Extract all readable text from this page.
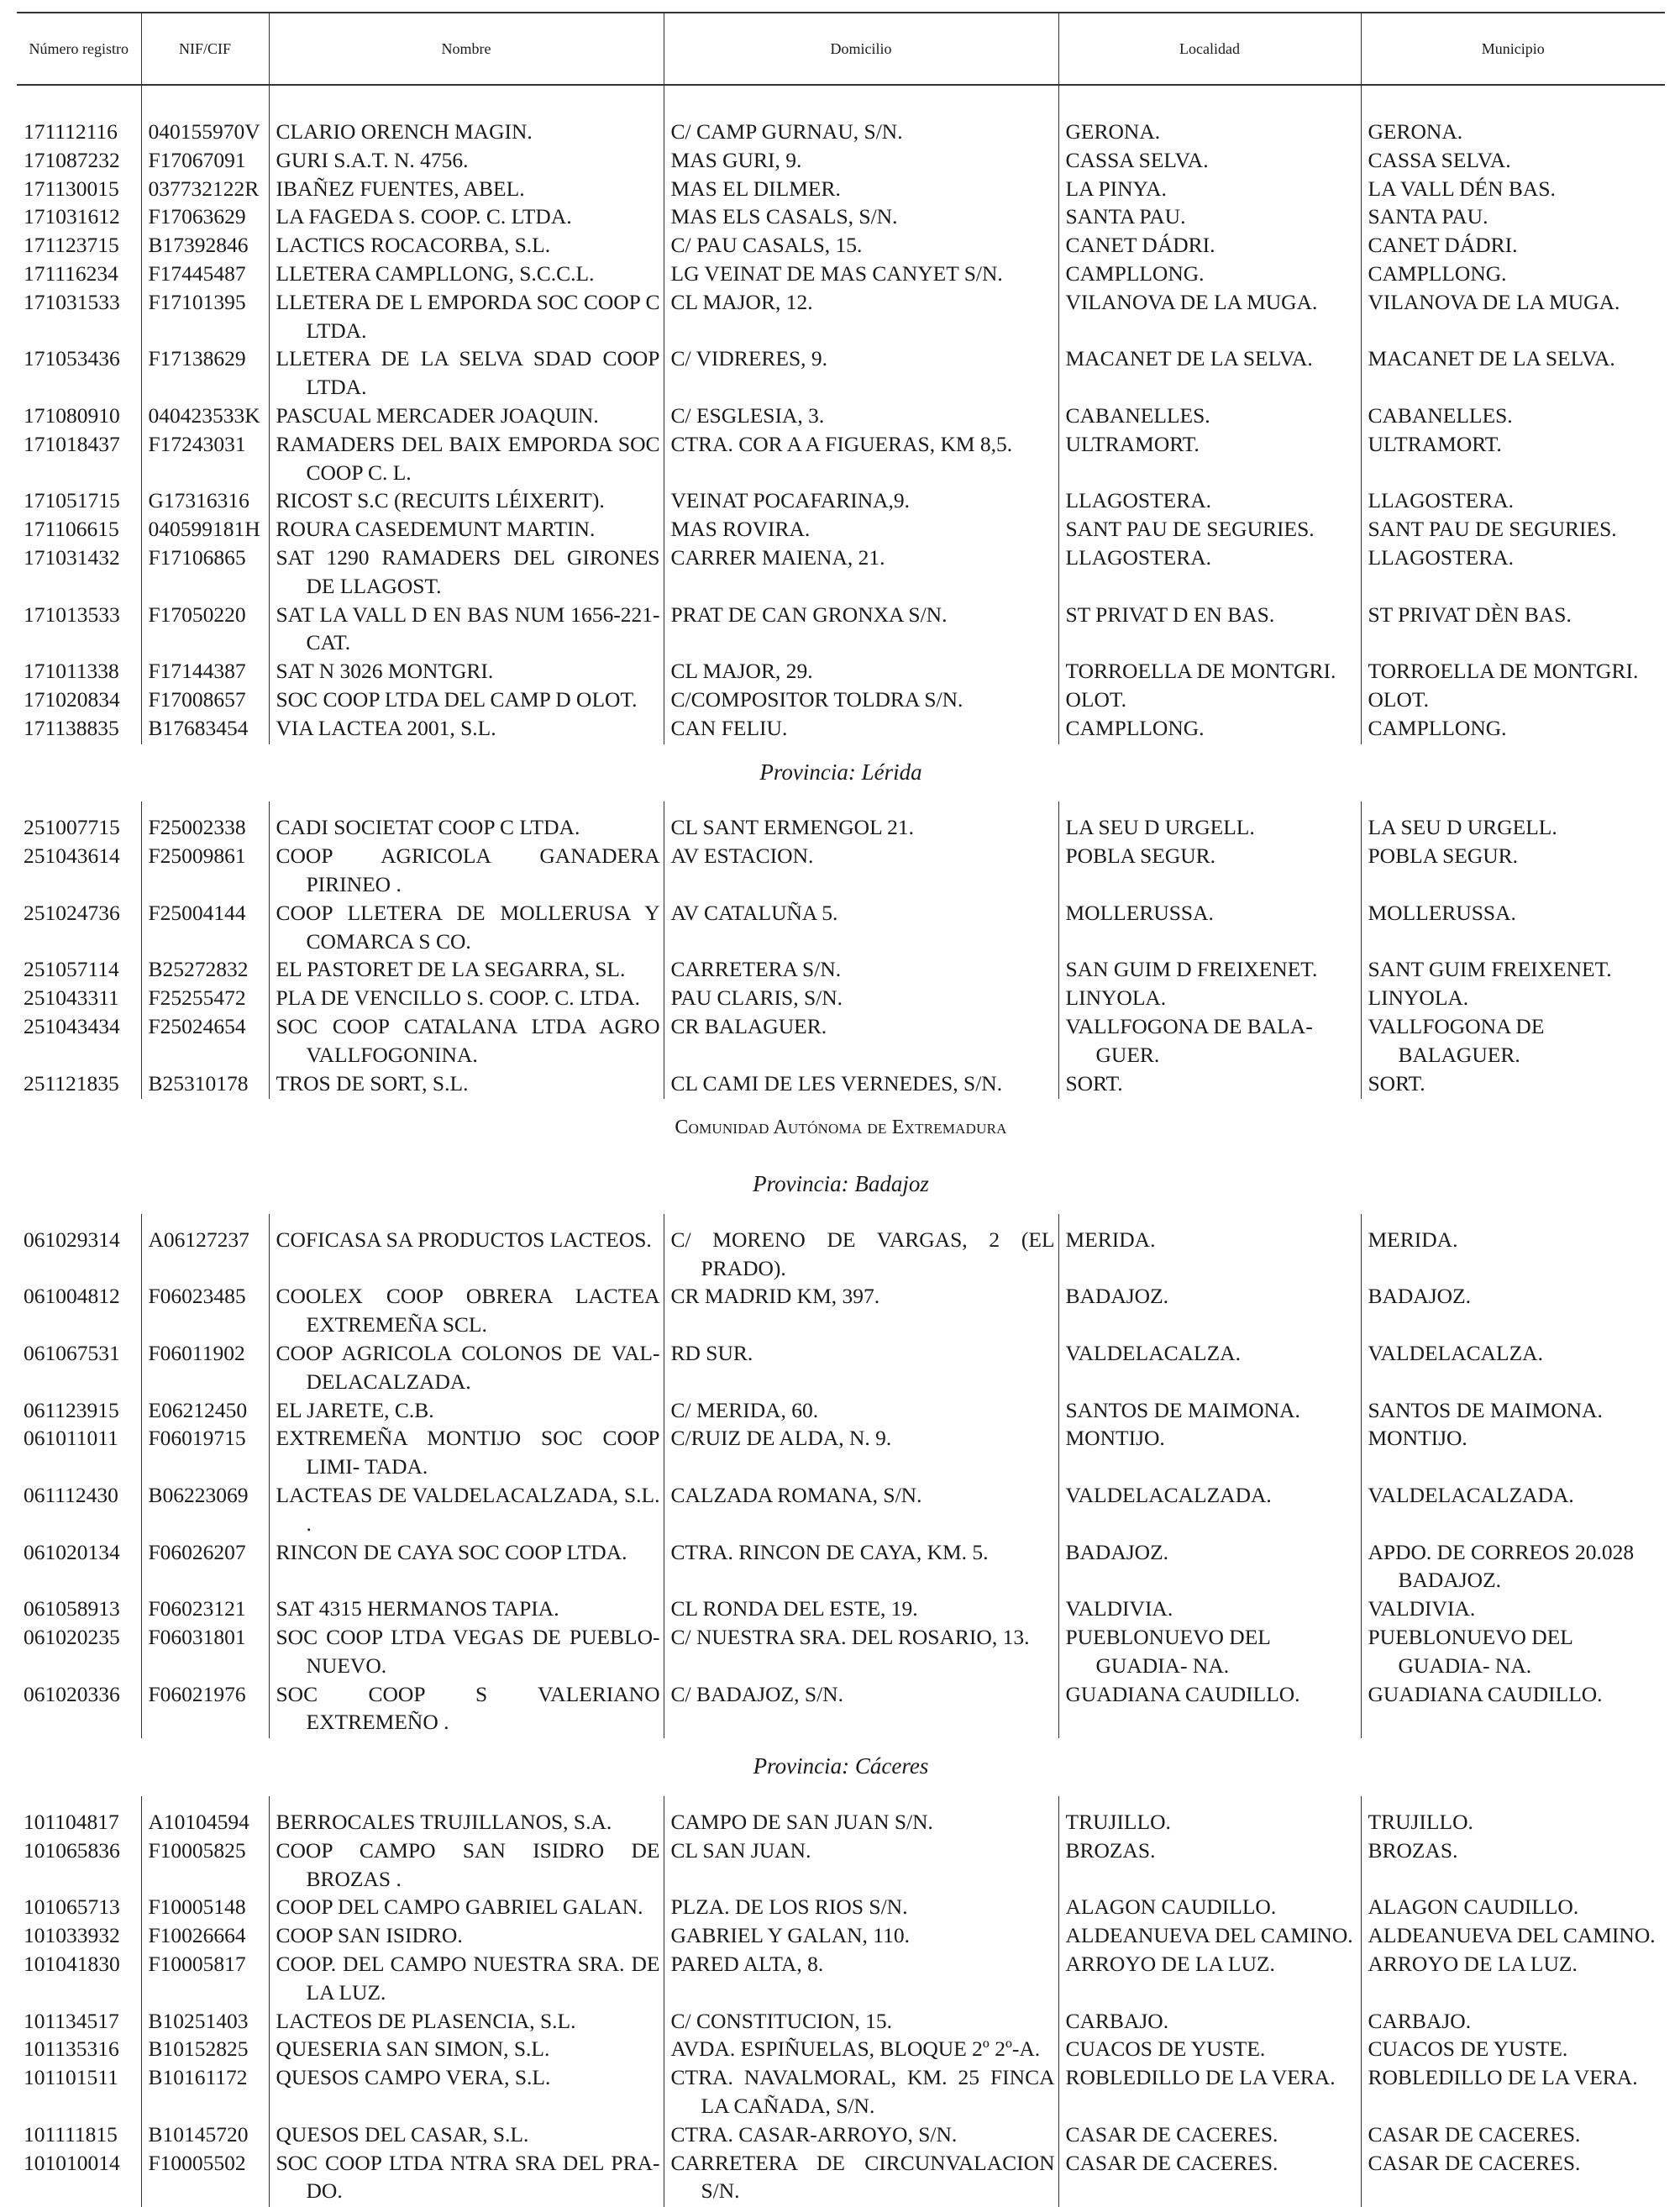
Número registro	NIF/CIF	Nombre	Domicilio	Localidad	Municipio

171112116	040155970V	CLARIO ORENCH MAGIN.	C/ CAMP GURNAU, S/N.	GERONA.	GERONA.

171087232	F17067091	GURI S.A.T. N. 4756.	MAS GURI, 9.	CASSA SELVA.	CASSA SELVA.

171130015	037732122R	IBAÑEZ FUENTES, ABEL.	MAS EL DILMER.	LA PINYA.	LA VALL DÉN BAS.

171031612	F17063629	LA FAGEDA S. COOP. C. LTDA.	MAS ELS CASALS, S/N.	SANTA PAU.	SANTA PAU.

171123715	B17392846	LACTICS ROCACORBA, S.L.	C/ PAU CASALS, 15.	CANET DÁDRI.	CANET DÁDRI.

171116234	F17445487	LLETERA CAMPLLONG, S.C.C.L.	LG VEINAT DE MAS CANYET S/N.	CAMPLLONG.	CAMPLLONG.

171031533	F17101395	LLETERA DE L EMPORDA SOC COOP C LTDA.	CL MAJOR, 12.	VILANOVA DE LA MUGA.	VILANOVA DE LA MUGA.

171053436	F17138629	LLETERA DE LA SELVA SDAD COOP LTDA.	C/ VIDRERES, 9.	MACANET DE LA SELVA.	MACANET DE LA SELVA.

171080910	040423533K	PASCUAL MERCADER JOAQUIN.	C/ ESGLESIA, 3.	CABANELLES.	CABANELLES.

171018437	F17243031	RAMADERS DEL BAIX EMPORDA SOC COOP C. L.	CTRA. COR A A FIGUERAS, KM 8,5.	ULTRAMORT.	ULTRAMORT.

171051715	G17316316	RICOST S.C (RECUITS LÉIXERIT).	VEINAT POCAFARINA,9.	LLAGOSTERA.	LLAGOSTERA.

171106615	040599181H	ROURA CASEDEMUNT MARTIN.	MAS ROVIRA.	SANT PAU DE SEGURIES.	SANT PAU DE SEGURIES.

171031432	F17106865	SAT 1290 RAMADERS DEL GIRONES DE LLAGOST.	CARRER MAIENA, 21.	LLAGOSTERA.	LLAGOSTERA.

171013533	F17050220	SAT LA VALL D EN BAS NUM 1656-221-CAT.	PRAT DE CAN GRONXA S/N.	ST PRIVAT D EN BAS.	ST PRIVAT DÈN BAS.

171011338	F17144387	SAT N 3026 MONTGRI.	CL MAJOR, 29.	TORROELLA DE MONTGRI.	TORROELLA DE MONTGRI.

171020834	F17008657	SOC COOP LTDA DEL CAMP D OLOT.	C/COMPOSITOR TOLDRA S/N.	OLOT.	OLOT.

171138835	B17683454	VIA LACTEA 2001, S.L.	CAN FELIU.	CAMPLLONG.	CAMPLLONG.

Provincia: Lérida					

251007715	F25002338	CADI SOCIETAT COOP C LTDA.	CL SANT ERMENGOL 21.	LA SEU D URGELL.	LA SEU D URGELL.

251043614	F25009861	COOP AGRICOLA GANADERA PIRINEO .	AV ESTACION.	POBLA SEGUR.	POBLA SEGUR.

251024736	F25004144	COOP LLETERA DE MOLLERUSA Y COMARCA S CO.	AV CATALUÑA 5.	MOLLERUSSA.	MOLLERUSSA.

251057114	B25272832	EL PASTORET DE LA SEGARRA, SL.	CARRETERA S/N.	SAN GUIM D FREIXENET.	SANT GUIM FREIXENET.

251043311	F25255472	PLA DE VENCILLO S. COOP. C. LTDA.	PAU CLARIS, S/N.	LINYOLA.	LINYOLA.

251043434	F25024654	SOC COOP CATALANA LTDA AGRO VALLFOGONINA.	CR BALAGUER.	VALLFOGONA DE BALA- GUER.	VALLFOGONA DE BALAGUER.

251121835	B25310178	TROS DE SORT, S.L.	CL CAMI DE LES VERNEDES, S/N.	SORT.	SORT.

Comunidad Autónoma de Extremadura					
Provincia: Badajoz					

061029314	A06127237	COFICASA SA PRODUCTOS LACTEOS.	C/ MORENO DE VARGAS, 2 (EL PRADO).	MERIDA.	MERIDA.

061004812	F06023485	COOLEX COOP OBRERA LACTEA EXTREMEÑA SCL.	CR MADRID KM, 397.	BADAJOZ.	BADAJOZ.

061067531	F06011902	COOP AGRICOLA COLONOS DE VAL- DELACALZADA.	RD SUR.	VALDELACALZA.	VALDELACALZA.

061123915	E06212450	EL JARETE, C.B.	C/ MERIDA, 60.	SANTOS DE MAIMONA.	SANTOS DE MAIMONA.

061011011	F06019715	EXTREMEÑA MONTIJO SOC COOP LIMI- TADA.	C/RUIZ DE ALDA, N. 9.	MONTIJO.	MONTIJO.

061112430	B06223069	LACTEAS DE VALDELACALZADA, S.L. .	CALZADA ROMANA, S/N.	VALDELACALZADA.	VALDELACALZADA.

061020134	F06026207	RINCON DE CAYA SOC COOP LTDA.	CTRA. RINCON DE CAYA, KM. 5.	BADAJOZ.	APDO. DE CORREOS 20.028 BADAJOZ.

061058913	F06023121	SAT 4315 HERMANOS TAPIA.	CL RONDA DEL ESTE, 19.	VALDIVIA.	VALDIVIA.

061020235	F06031801	SOC COOP LTDA VEGAS DE PUEBLO- NUEVO.	C/ NUESTRA SRA. DEL ROSARIO, 13.	PUEBLONUEVO DEL GUADIA- NA.	PUEBLONUEVO DEL GUADIA- NA.

061020336	F06021976	SOC COOP S VALERIANO EXTREMEÑO .	C/ BADAJOZ, S/N.	GUADIANA CAUDILLO.	GUADIANA CAUDILLO.

Provincia: Cáceres					

101104817	A10104594	BERROCALES TRUJILLANOS, S.A.	CAMPO DE SAN JUAN S/N.	TRUJILLO.	TRUJILLO.

101065836	F10005825	COOP CAMPO SAN ISIDRO DE BROZAS .	CL SAN JUAN.	BROZAS.	BROZAS.

101065713	F10005148	COOP DEL CAMPO GABRIEL GALAN.	PLZA. DE LOS RIOS S/N.	ALAGON CAUDILLO.	ALAGON CAUDILLO.

101033932	F10026664	COOP SAN ISIDRO.	GABRIEL Y GALAN, 110.	ALDEANUEVA DEL CAMINO.	ALDEANUEVA DEL CAMINO.

101041830	F10005817	COOP. DEL CAMPO NUESTRA SRA. DE LA LUZ.	PARED ALTA, 8.	ARROYO DE LA LUZ.	ARROYO DE LA LUZ.

101134517	B10251403	LACTEOS DE PLASENCIA, S.L.	C/ CONSTITUCION, 15.	CARBAJO.	CARBAJO.

101135316	B10152825	QUESERIA SAN SIMON, S.L.	AVDA. ESPIÑUELAS, BLOQUE 2º 2º-A.	CUACOS DE YUSTE.	CUACOS DE YUSTE.

101101511	B10161172	QUESOS CAMPO VERA, S.L.	CTRA. NAVALMORAL, KM. 25 FINCA LA CAÑADA, S/N.	ROBLEDILLO DE LA VERA.	ROBLEDILLO DE LA VERA.

101111815	B10145720	QUESOS DEL CASAR, S.L.	CTRA. CASAR-ARROYO, S/N.	CASAR DE CACERES.	CASAR DE CACERES.

101010014	F10005502	SOC COOP LTDA NTRA SRA DEL PRA- DO.	CARRETERA DE CIRCUNVALACION S/N.	CASAR DE CACERES.	CASAR DE CACERES.
